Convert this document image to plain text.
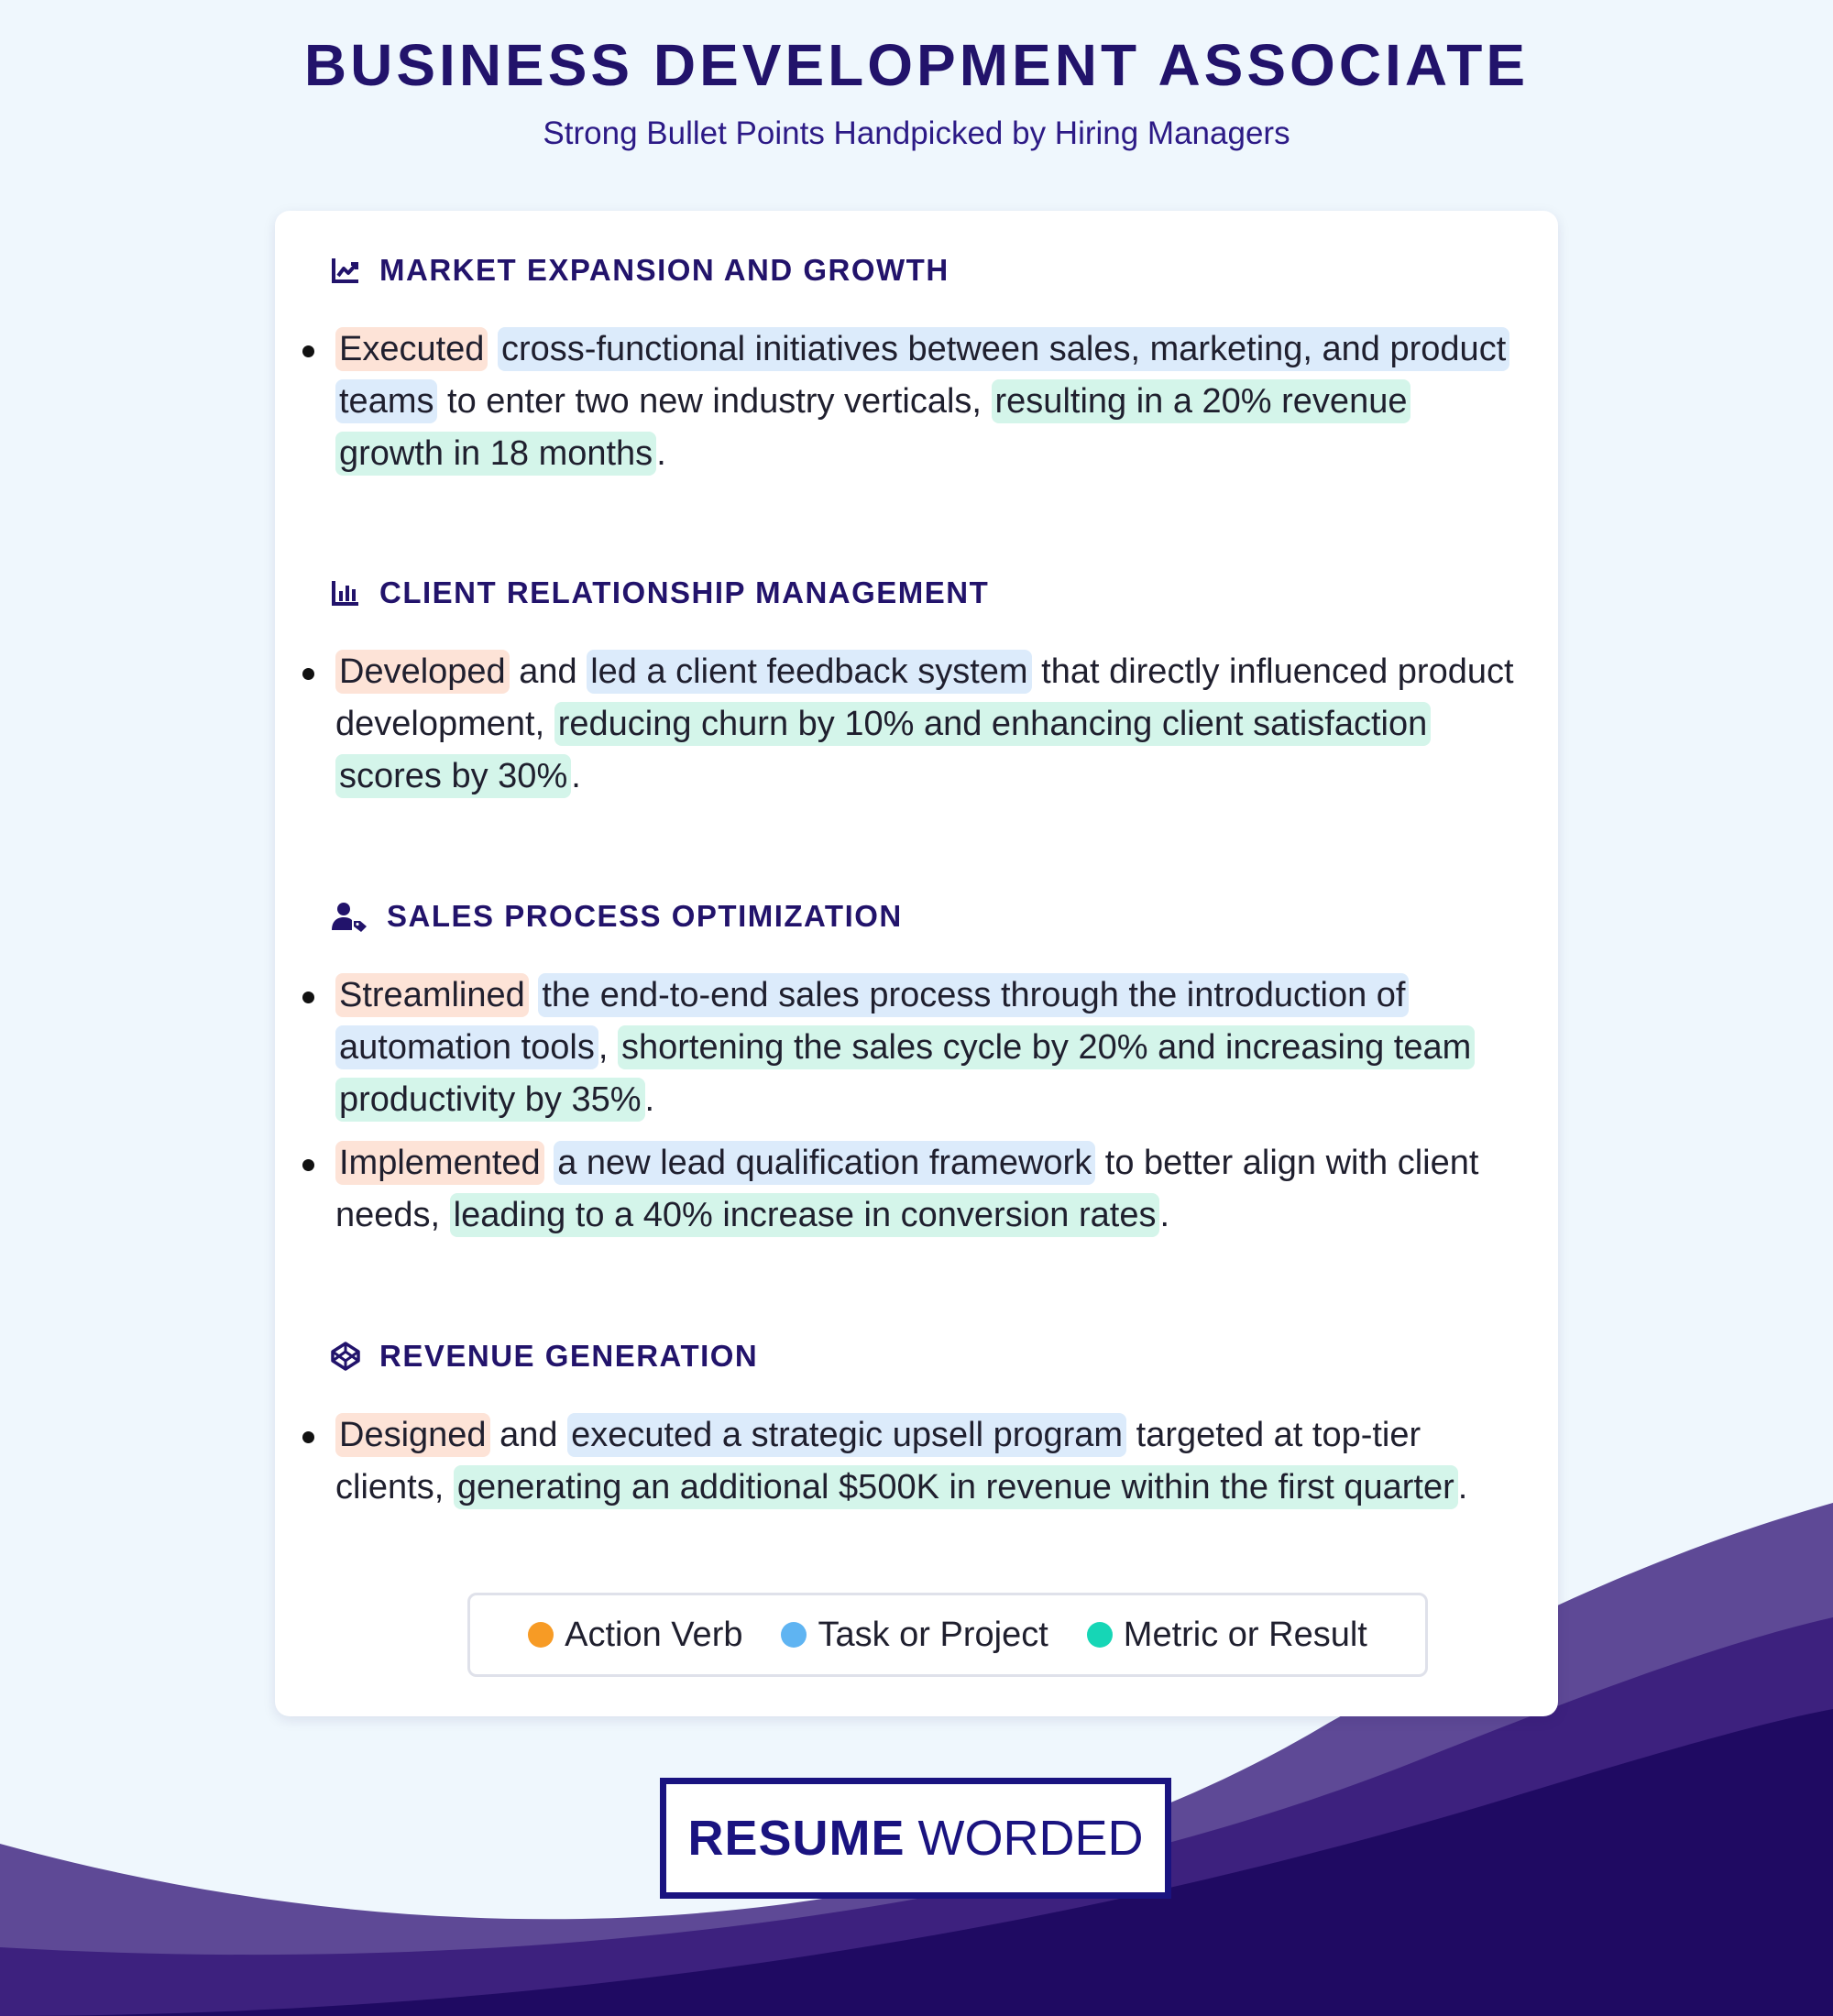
BUSINESS DEVELOPMENT ASSOCIATE
Strong Bullet Points Handpicked by Hiring Managers
MARKET EXPANSION AND GROWTH
Executed cross-functional initiatives between sales, marketing, and product teams to enter two new industry verticals, resulting in a 20% revenue growth in 18 months .
CLIENT RELATIONSHIP MANAGEMENT
Developed and led a client feedback system that directly influenced product development, reducing churn by 10% and enhancing client satisfaction scores by 30% .
SALES PROCESS OPTIMIZATION
Streamlined the end-to-end sales process through the introduction of automation tools , shortening the sales cycle by 20% and increasing team productivity by 35% .
Implemented a new lead qualification framework to better align with client needs, leading to a 40% increase in conversion rates .
REVENUE GENERATION
Designed and executed a strategic upsell program targeted at top-tier clients, generating an additional $500K in revenue within the first quarter .
Action Verb Task or Project Metric or Result
RESUME WORDED
